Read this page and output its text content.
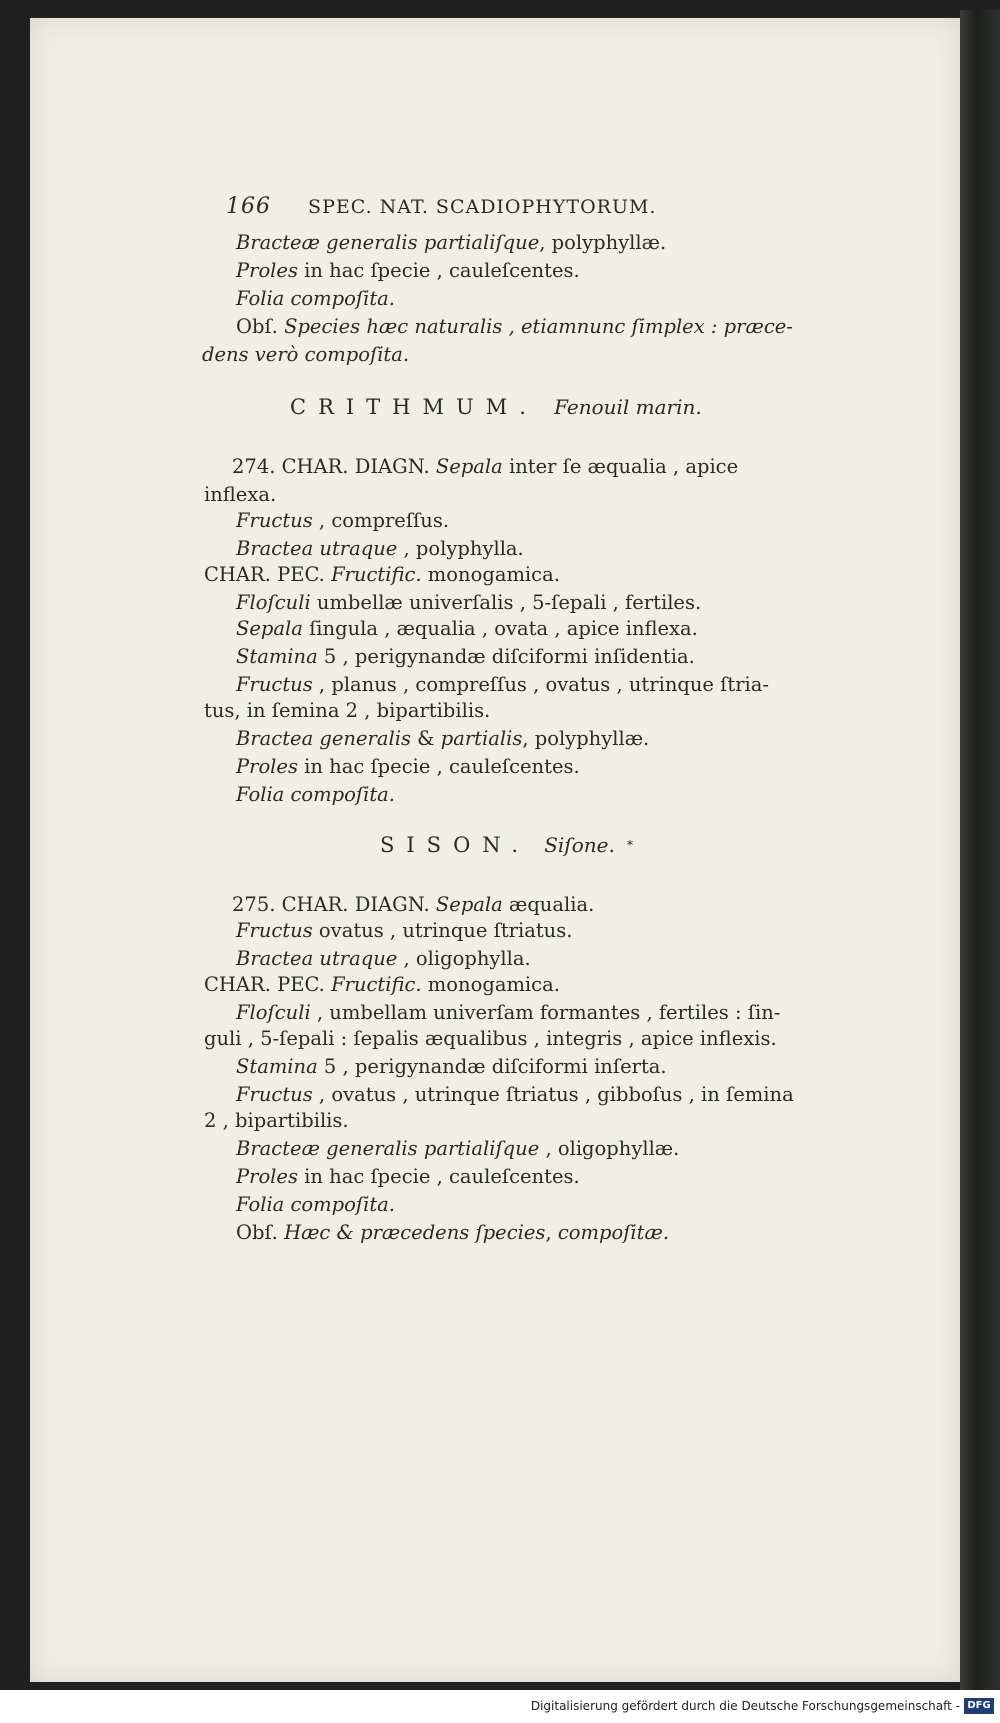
166 SPEC. NAT. SCADIOPHYTORUM.
Bracteæ generalis partialiſque, polyphyllæ.
Proles in hac ſpecie , cauleſcentes.
Folia compoſita.
Obſ. Species hæc naturalis , etiamnunc ſimplex : præce-
dens verò compoſita.
CRITHMUM. Fenouil marin.
274. CHAR. DIAGN. Sepala inter ſe æqualia , apice
inflexa.
Fructus , compreſſus.
Bractea utraque , polyphylla.
CHAR. PEC. Fructific. monogamica.
Floſculi umbellæ univerſalis , 5-ſepali , fertiles.
Sepala ſingula , æqualia , ovata , apice inflexa.
Stamina 5 , perigynandæ diſciformi inſidentia.
Fructus , planus , compreſſus , ovatus , utrinque ſtria-
tus, in ſemina 2 , bipartibilis.
Bractea generalis & partialis, polyphyllæ.
Proles in hac ſpecie , cauleſcentes.
Folia compoſita.
SISON. Siſone. *
275. CHAR. DIAGN. Sepala æqualia.
Fructus ovatus , utrinque ſtriatus.
Bractea utraque , oligophylla.
CHAR. PEC. Fructific. monogamica.
Floſculi , umbellam univerſam formantes , fertiles : ſin-
guli , 5-ſepali : ſepalis æqualibus , integris , apice inflexis.
Stamina 5 , perigynandæ diſciformi inſerta.
Fructus , ovatus , utrinque ſtriatus , gibboſus , in ſemina
2 , bipartibilis.
Bracteæ generalis partialiſque , oligophyllæ.
Proles in hac ſpecie , cauleſcentes.
Folia compoſita.
Obſ. Hæc & præcedens ſpecies, compoſitæ.
Digitalisierung gefördert durch die Deutsche Forschungsgemeinschaft - DFG
